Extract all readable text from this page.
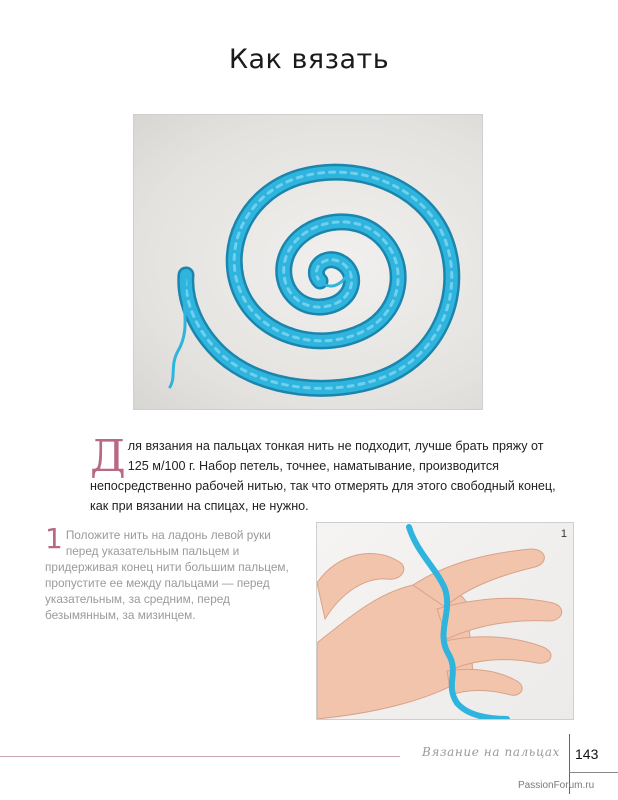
Как вязать
Для вязания на пальцах тонкая нить не подходит, лучше брать пряжу от 125 м/100 г. Набор петель, точнее, наматывание, производится непосредственно рабочей нитью, так что отмерять для этого свободный конец, как при вязании на спицах, не нужно.
1 Положите нить на ладонь левой руки перед указательным пальцем и придерживая конец нити большим пальцем, пропустите ее между пальцами — перед указательным, за средним, перед безымянным, за мизинцем.
1
Вязание на пальцах 143
PassionForum.ru
